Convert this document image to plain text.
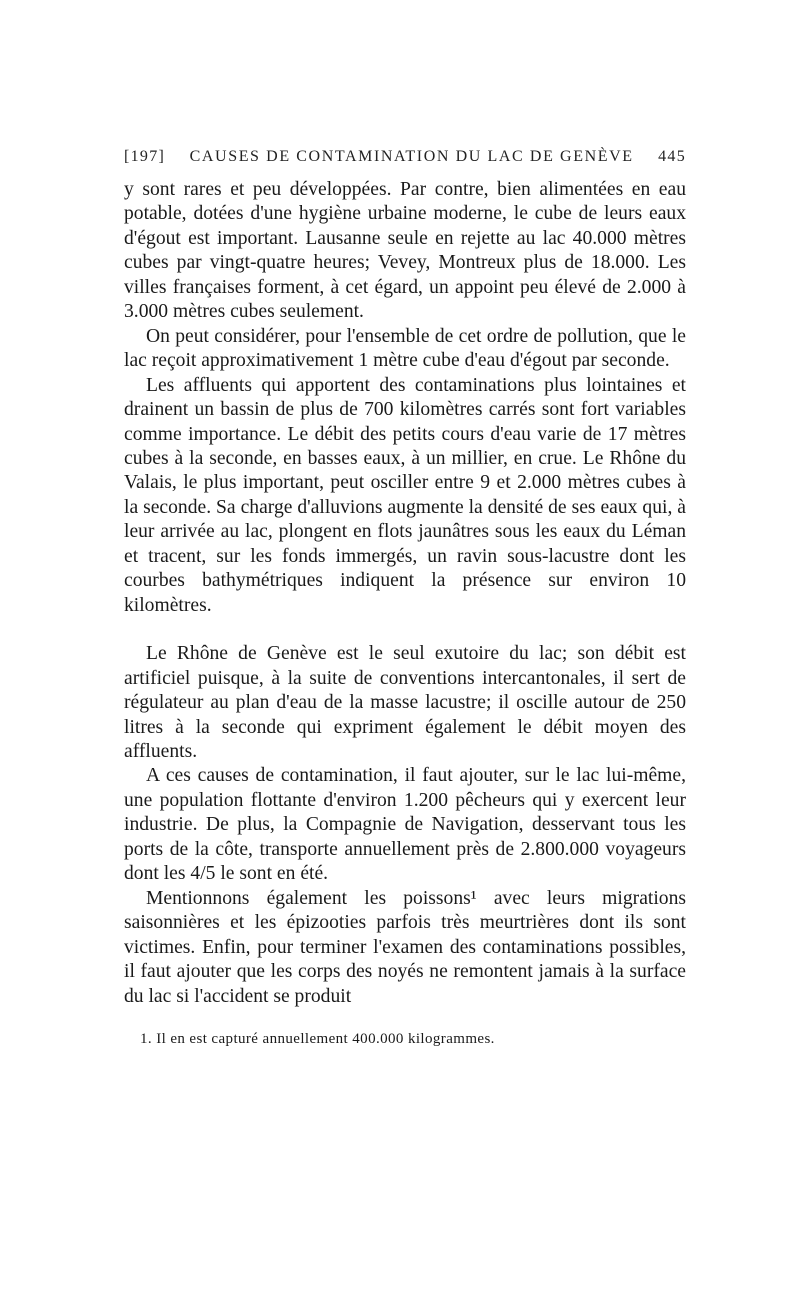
[197]	CAUSES DE CONTAMINATION DU LAC DE GENÈVE	445

y sont rares et peu développées. Par contre, bien alimentées en eau potable, dotées d'une hygiène urbaine moderne, le cube de leurs eaux d'égout est important. Lausanne seule en rejette au lac 40.000 mètres cubes par vingt-quatre heures; Vevey, Montreux plus de 18.000. Les villes françaises forment, à cet égard, un appoint peu élevé de 2.000 à 3.000 mètres cubes seulement.

On peut considérer, pour l'ensemble de cet ordre de pollution, que le lac reçoit approximativement 1 mètre cube d'eau d'égout par seconde.

Les affluents qui apportent des contaminations plus lointaines et drainent un bassin de plus de 700 kilomètres carrés sont fort variables comme importance. Le débit des petits cours d'eau varie de 17 mètres cubes à la seconde, en basses eaux, à un millier, en crue. Le Rhône du Valais, le plus important, peut osciller entre 9 et 2.000 mètres cubes à la seconde. Sa charge d'alluvions augmente la densité de ses eaux qui, à leur arrivée au lac, plongent en flots jaunâtres sous les eaux du Léman et tracent, sur les fonds immergés, un ravin sous-lacustre dont les courbes bathymétriques indiquent la présence sur environ 10 kilomètres.

Le Rhône de Genève est le seul exutoire du lac; son débit est artificiel puisque, à la suite de conventions intercantonales, il sert de régulateur au plan d'eau de la masse lacustre; il oscille autour de 250 litres à la seconde qui expriment également le débit moyen des affluents.

A ces causes de contamination, il faut ajouter, sur le lac lui-même, une population flottante d'environ 1.200 pêcheurs qui y exercent leur industrie. De plus, la Compagnie de Navigation, desservant tous les ports de la côte, transporte annuellement près de 2.800.000 voyageurs dont les 4/5 le sont en été.

Mentionnons également les poissons¹ avec leurs migrations saisonnières et les épizooties parfois très meurtrières dont ils sont victimes. Enfin, pour terminer l'examen des contaminations possibles, il faut ajouter que les corps des noyés ne remontent jamais à la surface du lac si l'accident se produit

1. Il en est capturé annuellement 400.000 kilogrammes.
